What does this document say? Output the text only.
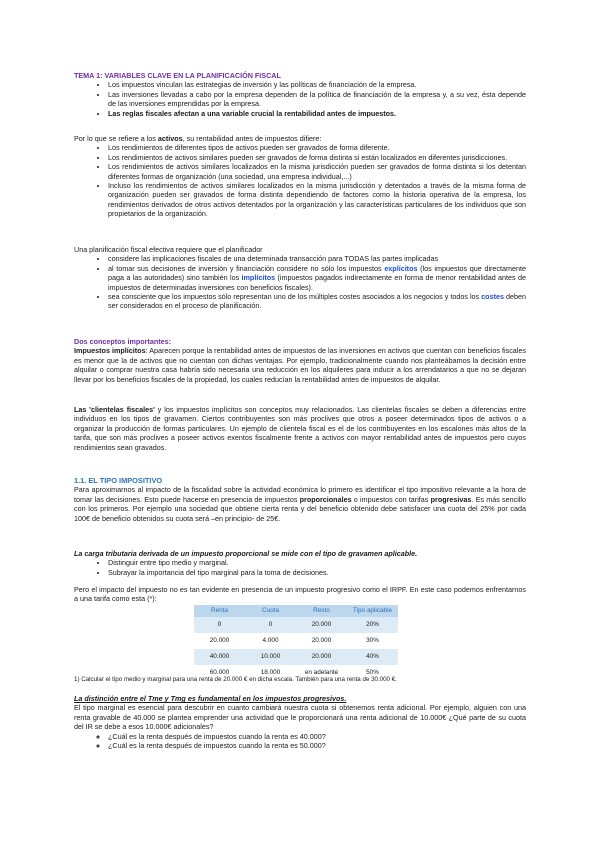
TEMA 1: VARIABLES CLAVE EN LA PLANIFICACIÓN FISCAL

• Los impuestos vinculan las estrategias de inversión y las políticas de financiación de la empresa.
• Las inversiones llevadas a cabo por la empresa dependen de la política de financiación de la empresa y, a su vez, ésta depende de las inversiones emprendidas por la empresa.
• Las reglas fiscales afectan a una variable crucial la rentabilidad antes de impuestos.

Por lo que se refiere a los activos, su rentabilidad antes de impuestos difiere:

• Los rendimientos de diferentes tipos de activos pueden ser gravados de forma diferente.
• Los rendimientos de activos similares pueden ser gravados de forma distinta si están localizados en diferentes jurisdicciones.
• Los rendimientos de activos similares localizados en la misma jurisdicción pueden ser gravados de forma distinta si los detentan diferentes formas de organización (una sociedad, una empresa individual,...)
• Incluso los rendimientos de activos similares localizados en la misma jurisdicción y detentados a través de la misma forma de organización pueden ser gravados de forma distinta dependiendo de factores como la historia operativa de la empresa, los rendimientos derivados de otros activos detentados por la organización y las características particulares de los individuos que son propietarios de la organización.

Una planificación fiscal efectiva requiere que el planificador

• considere las implicaciones fiscales de una determinada transacción para TODAS las partes implicadas
• al tomar sus decisiones de inversión y financiación considere no sólo los impuestos explícitos (los impuestos que directamente paga a las autoridades) sino también los implícitos (impuestos pagados indirectamente en forma de menor rentabilidad antes de impuestos de determinadas inversiones con beneficios fiscales).
• sea consciente que los impuestos sólo representan uno de los múltiples costes asociados a los negocios y todos los costes deben ser considerados en el proceso de planificación.

Dos conceptos importantes:

Impuestos implícitos: Aparecen porque la rentabilidad antes de impuestos de las inversiones en activos que cuentan con beneficios fiscales es menor que la de activos que no cuentan con dichas ventajas. Por ejemplo, tradicionalmente cuando nos planteábamos la decisión entre alquilar o comprar nuestra casa habría sido necesaria una reducción en los alquileres para inducir a los arrendatarios a que no se dejaran llevar por los beneficios fiscales de la propiedad, los cuales reducían la rentabilidad antes de impuestos de alquilar.

Las 'clientelas fiscales' y los impuestos implícitos son conceptos muy relacionados. Las clientelas fiscales se deben a diferencias entre individuos en los tipos de gravamen. Ciertos contribuyentes son más proclives que otros a poseer determinados tipos de activos o a organizar la producción de formas particulares. Un ejemplo de clientela fiscal es el de los contribuyentes en los escalones más altos de la tarifa, que son más proclives a poseer activos exentos fiscalmente frente a activos con mayor rentabilidad antes de impuestos pero cuyos rendimientos sean gravados.

1.1. EL TIPO IMPOSITIVO

Para aproximarnos al impacto de la fiscalidad sobre la actividad económica lo primero es identificar el tipo impositivo relevante a la hora de tomar las decisiones. Esto puede hacerse en presencia de impuestos proporcionales o impuestos con tarifas progresivas. Es más sencillo con los primeros. Por ejemplo una sociedad que obtiene cierta renta y del beneficio obtenido debe satisfacer una cuota del 25% por cada 100€ de beneficio obtenidos su cuota será –en principio- de 25€.

La carga tributaria derivada de un impuesto proporcional se mide con el tipo de gravamen aplicable.

• Distinguir entre tipo medio y marginal.
• Subrayar la importancia del tipo marginal para la toma de decisiones.

Pero el impacto del impuesto no es tan evidente en presencia de un impuesto progresivo como el IRPF. En este caso podemos enfrentarnos a una tarifa como esta (*):

Renta	Cuota	Resto	Tipo aplicable
0	0	20.000	20%
20.000	4.000	20.000	30%
40.000	10.000	20.000	40%
60.000	18.000	en adelante	50%
1) Calcular el tipo medio y marginal para una renta de 20.000 € en dicha escala. También para una renta de 30.000 €.

La distinción entre el Tme y Tmg es fundamental en los impuestos progresivos.

El tipo marginal es esencial para descubrir en cuanto cambiará nuestra cuota si obtenemos renta adicional. Por ejemplo, alguien con una renta gravable de 40.000 se plantea emprender una actividad que le proporcionará una renta adicional de 10.000€ ¿Qué parte de su cuota del IR se debe a esos 10.000€ adicionales?

◦ ¿Cuál es la renta después de impuestos cuando la renta es 40.000?
◦ ¿Cuál es la renta después de impuestos cuando la renta es 50.000?
